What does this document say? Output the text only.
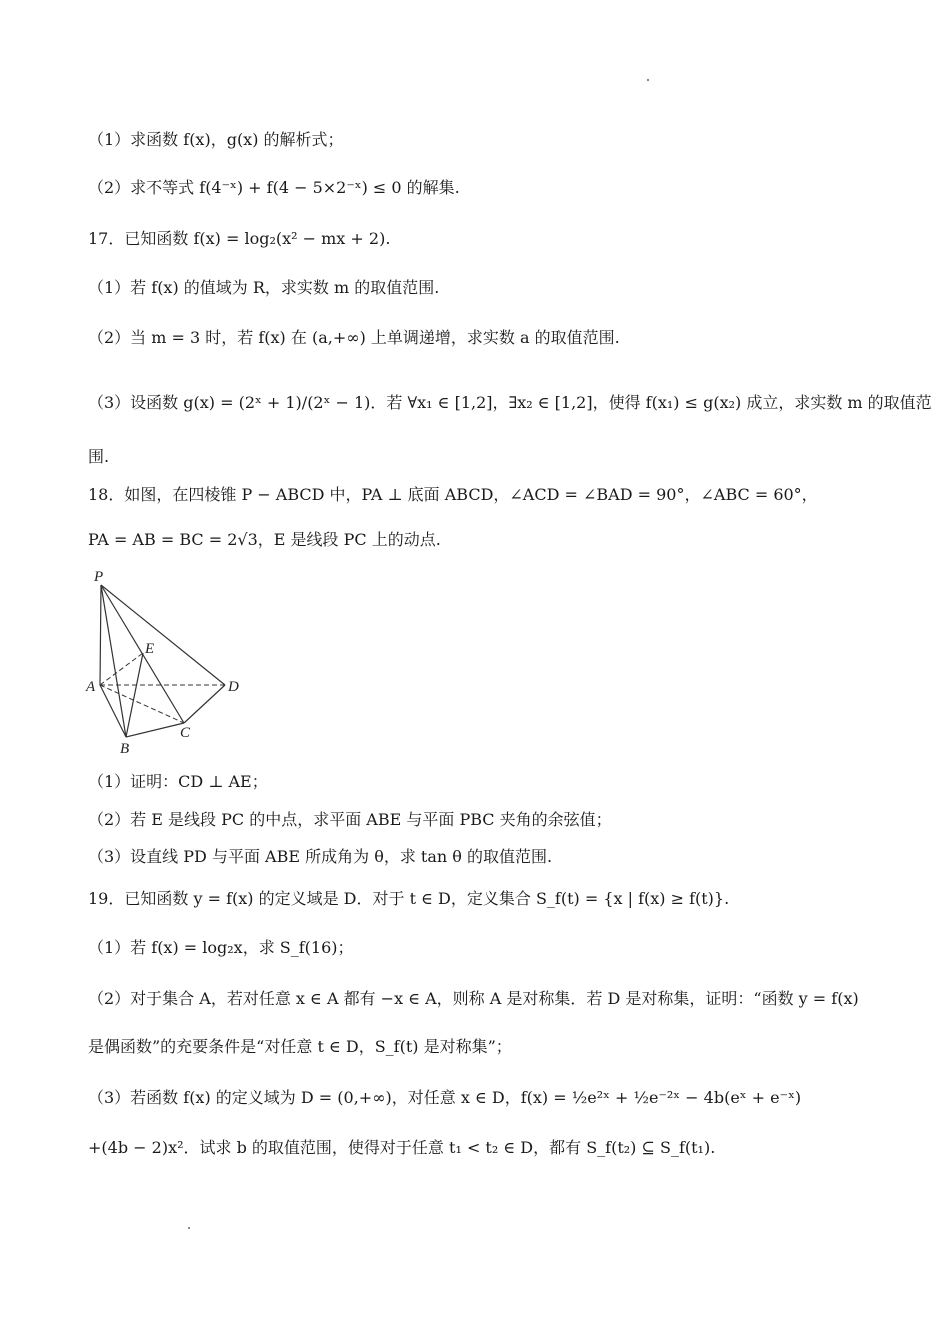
（1）求函数 f(x)，g(x) 的解析式；
（2）求不等式 f(4⁻ˣ) + f(4 − 5×2⁻ˣ) ≤ 0 的解集.
17．已知函数 f(x) = log₂(x² − mx + 2).
（1）若 f(x) 的值域为 R，求实数 m 的取值范围.
（2）当 m = 3 时，若 f(x) 在 (a,+∞) 上单调递增，求实数 a 的取值范围.
（3）设函数 g(x) = (2ˣ + 1)/(2ˣ − 1)．若 ∀x₁ ∈ [1,2]，∃x₂ ∈ [1,2]，使得 f(x₁) ≤ g(x₂) 成立，求实数 m 的取值范
围.
18．如图，在四棱锥 P − ABCD 中，PA ⊥ 底面 ABCD，∠ACD = ∠BAD = 90°，∠ABC = 60°，
PA = AB = BC = 2√3，E 是线段 PC 上的动点.
P
E
A	D
C
B
（1）证明：CD ⊥ AE；
（2）若 E 是线段 PC 的中点，求平面 ABE 与平面 PBC 夹角的余弦值；
（3）设直线 PD 与平面 ABE 所成角为 θ，求 tan θ 的取值范围.
19．已知函数 y = f(x) 的定义域是 D．对于 t ∈ D，定义集合 S_f(t) = {x | f(x) ≥ f(t)}.
（1）若 f(x) = log₂x，求 S_f(16)；
（2）对于集合 A，若对任意 x ∈ A 都有 −x ∈ A，则称 A 是对称集．若 D 是对称集，证明：“函数 y = f(x)
是偶函数”的充要条件是“对任意 t ∈ D，S_f(t) 是对称集”；
（3）若函数 f(x) 的定义域为 D = (0,+∞)，对任意 x ∈ D，f(x) = ½e²ˣ + ½e⁻²ˣ − 4b(eˣ + e⁻ˣ)
+(4b − 2)x²．试求 b 的取值范围，使得对于任意 t₁ < t₂ ∈ D，都有 S_f(t₂) ⊆ S_f(t₁).
